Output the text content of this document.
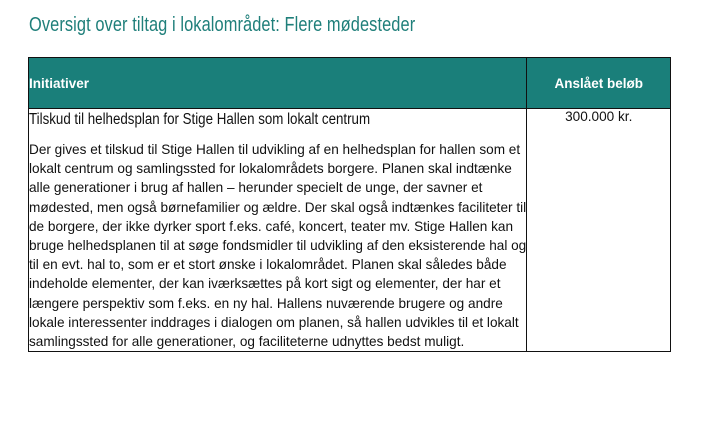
Oversigt over tiltag i lokalområdet: Flere mødesteder
Initiativer	Anslået beløb

Tilskud til helhedsplan for Stige Hallen som lokalt centrum

Der gives et tilskud til Stige Hallen til udvikling af en helhedsplan for hallen som et lokalt centrum og samlingssted for lokalområdets borgere. Planen skal indtænke alle generationer i brug af hallen – herunder specielt de unge, der savner et mødested, men også børnefamilier og ældre. Der skal også indtænkes faciliteter til de borgere, der ikke dyrker sport f.eks. café, koncert, teater mv. Stige Hallen kan bruge helhedsplanen til at søge fondsmidler til udvikling af den eksisterende hal og til en evt. hal to, som er et stort ønske i lokalområdet. Planen skal således både indeholde elementer, der kan iværksættes på kort sigt og elementer, der har et længere perspektiv som f.eks. en ny hal. Hallens nuværende brugere og andre lokale interessenter inddrages i dialogen om planen, så hallen udvikles til et lokalt samlingssted for alle generationer, og faciliteterne udnyttes bedst muligt.	300.000 kr.
